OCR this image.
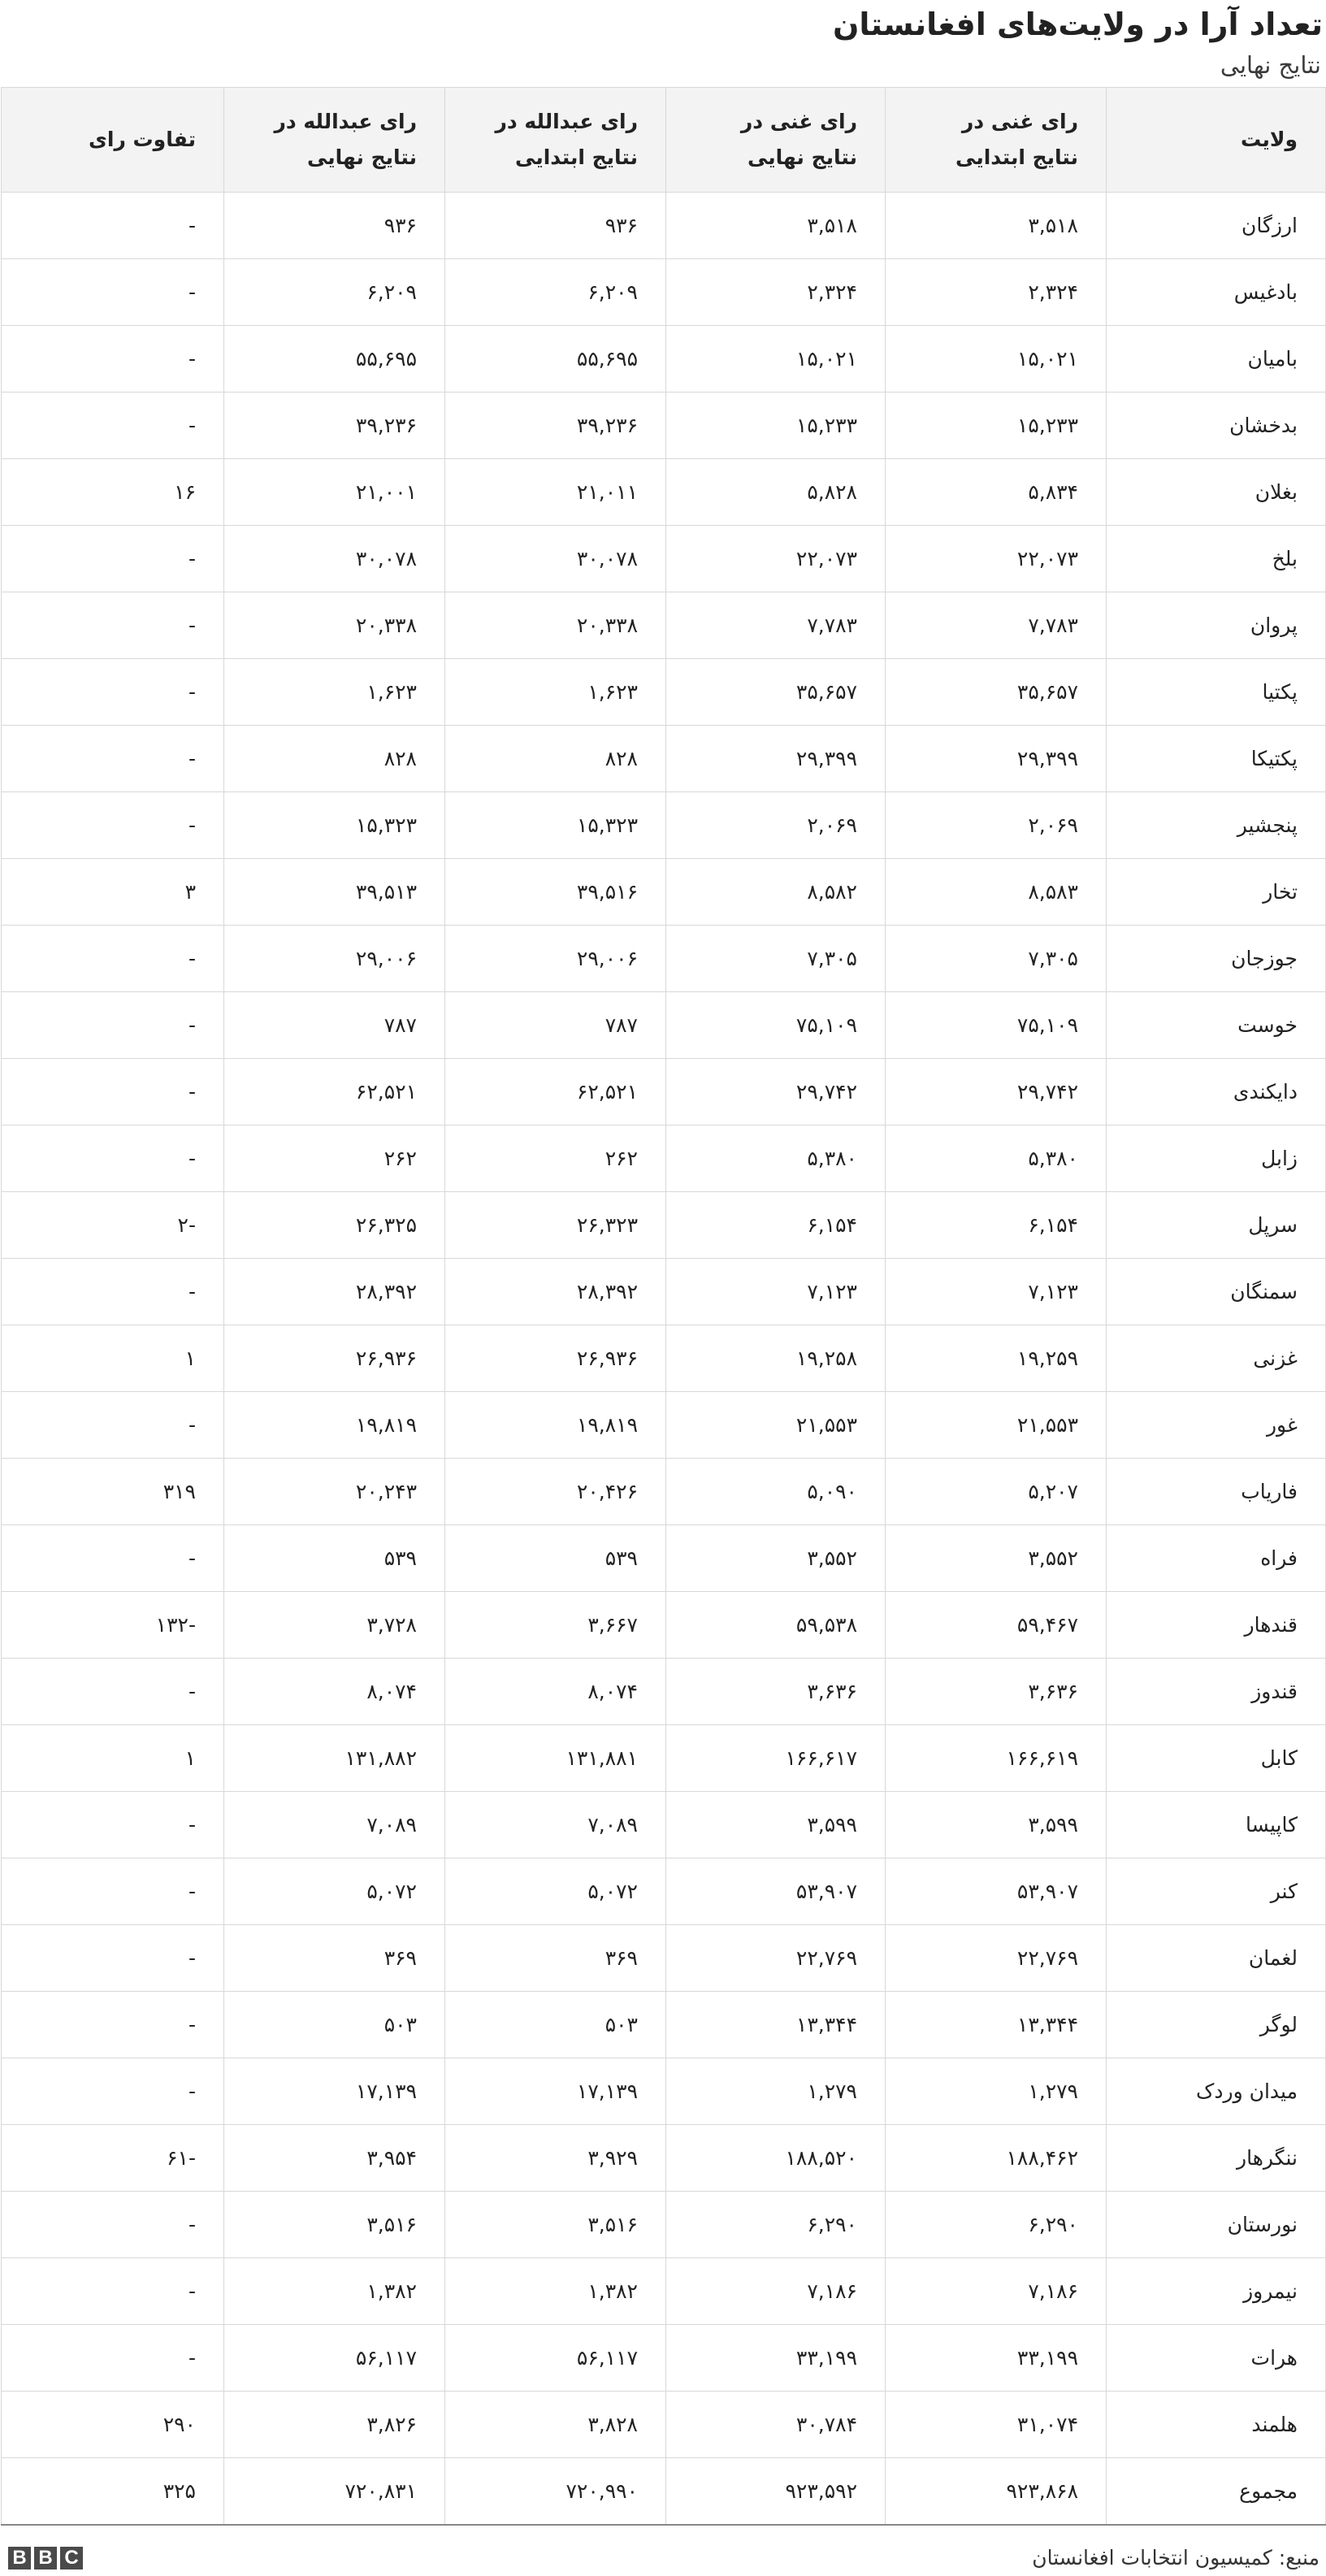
تعداد آرا در ولایت‌های افغانستان
نتایج نهایی
ولایت	رای غنی در نتایج ابتدایی	رای غنی در نتایج نهایی	رای عبدالله در نتایج ابتدایی	رای عبدالله در نتایج نهایی	تفاوت رای
ارزگان	۳,۵۱۸	۳,۵۱۸	۹۳۶	۹۳۶	-
بادغیس	۲,۳۲۴	۲,۳۲۴	۶,۲۰۹	۶,۲۰۹	-
بامیان	۱۵,۰۲۱	۱۵,۰۲۱	۵۵,۶۹۵	۵۵,۶۹۵	-
بدخشان	۱۵,۲۳۳	۱۵,۲۳۳	۳۹,۲۳۶	۳۹,۲۳۶	-
بغلان	۵,۸۳۴	۵,۸۲۸	۲۱,۰۱۱	۲۱,۰۰۱	۱۶
بلخ	۲۲,۰۷۳	۲۲,۰۷۳	۳۰,۰۷۸	۳۰,۰۷۸	-
پروان	۷,۷۸۳	۷,۷۸۳	۲۰,۳۳۸	۲۰,۳۳۸	-
پکتیا	۳۵,۶۵۷	۳۵,۶۵۷	۱,۶۲۳	۱,۶۲۳	-
پکتیکا	۲۹,۳۹۹	۲۹,۳۹۹	۸۲۸	۸۲۸	-
پنجشیر	۲,۰۶۹	۲,۰۶۹	۱۵,۳۲۳	۱۵,۳۲۳	-
تخار	۸,۵۸۳	۸,۵۸۲	۳۹,۵۱۶	۳۹,۵۱۳	۳
جوزجان	۷,۳۰۵	۷,۳۰۵	۲۹,۰۰۶	۲۹,۰۰۶	-
خوست	۷۵,۱۰۹	۷۵,۱۰۹	۷۸۷	۷۸۷	-
دایکندی	۲۹,۷۴۲	۲۹,۷۴۲	۶۲,۵۲۱	۶۲,۵۲۱	-
زابل	۵,۳۸۰	۵,۳۸۰	۲۶۲	۲۶۲	-
سرپل	۶,۱۵۴	۶,۱۵۴	۲۶,۳۲۳	۲۶,۳۲۵	-۲
سمنگان	۷,۱۲۳	۷,۱۲۳	۲۸,۳۹۲	۲۸,۳۹۲	-
غزنی	۱۹,۲۵۹	۱۹,۲۵۸	۲۶,۹۳۶	۲۶,۹۳۶	۱
غور	۲۱,۵۵۳	۲۱,۵۵۳	۱۹,۸۱۹	۱۹,۸۱۹	-
فاریاب	۵,۲۰۷	۵,۰۹۰	۲۰,۴۲۶	۲۰,۲۴۳	۳۱۹
فراه	۳,۵۵۲	۳,۵۵۲	۵۳۹	۵۳۹	-
قندهار	۵۹,۴۶۷	۵۹,۵۳۸	۳,۶۶۷	۳,۷۲۸	-۱۳۲
قندوز	۳,۶۳۶	۳,۶۳۶	۸,۰۷۴	۸,۰۷۴	-
کابل	۱۶۶,۶۱۹	۱۶۶,۶۱۷	۱۳۱,۸۸۱	۱۳۱,۸۸۲	۱
کاپیسا	۳,۵۹۹	۳,۵۹۹	۷,۰۸۹	۷,۰۸۹	-
کنر	۵۳,۹۰۷	۵۳,۹۰۷	۵,۰۷۲	۵,۰۷۲	-
لغمان	۲۲,۷۶۹	۲۲,۷۶۹	۳۶۹	۳۶۹	-
لوگر	۱۳,۳۴۴	۱۳,۳۴۴	۵۰۳	۵۰۳	-
میدان وردک	۱,۲۷۹	۱,۲۷۹	۱۷,۱۳۹	۱۷,۱۳۹	-
ننگرهار	۱۸۸,۴۶۲	۱۸۸,۵۲۰	۳,۹۲۹	۳,۹۵۴	-۶۱
نورستان	۶,۲۹۰	۶,۲۹۰	۳,۵۱۶	۳,۵۱۶	-
نیمروز	۷,۱۸۶	۷,۱۸۶	۱,۳۸۲	۱,۳۸۲	-
هرات	۳۳,۱۹۹	۳۳,۱۹۹	۵۶,۱۱۷	۵۶,۱۱۷	-
هلمند	۳۱,۰۷۴	۳۰,۷۸۴	۳,۸۲۸	۳,۸۲۶	۲۹۰
مجموع	۹۲۳,۸۶۸	۹۲۳,۵۹۲	۷۲۰,۹۹۰	۷۲۰,۸۳۱	۳۲۵
منبع: کمیسیون انتخابات افغانستان
B B C
